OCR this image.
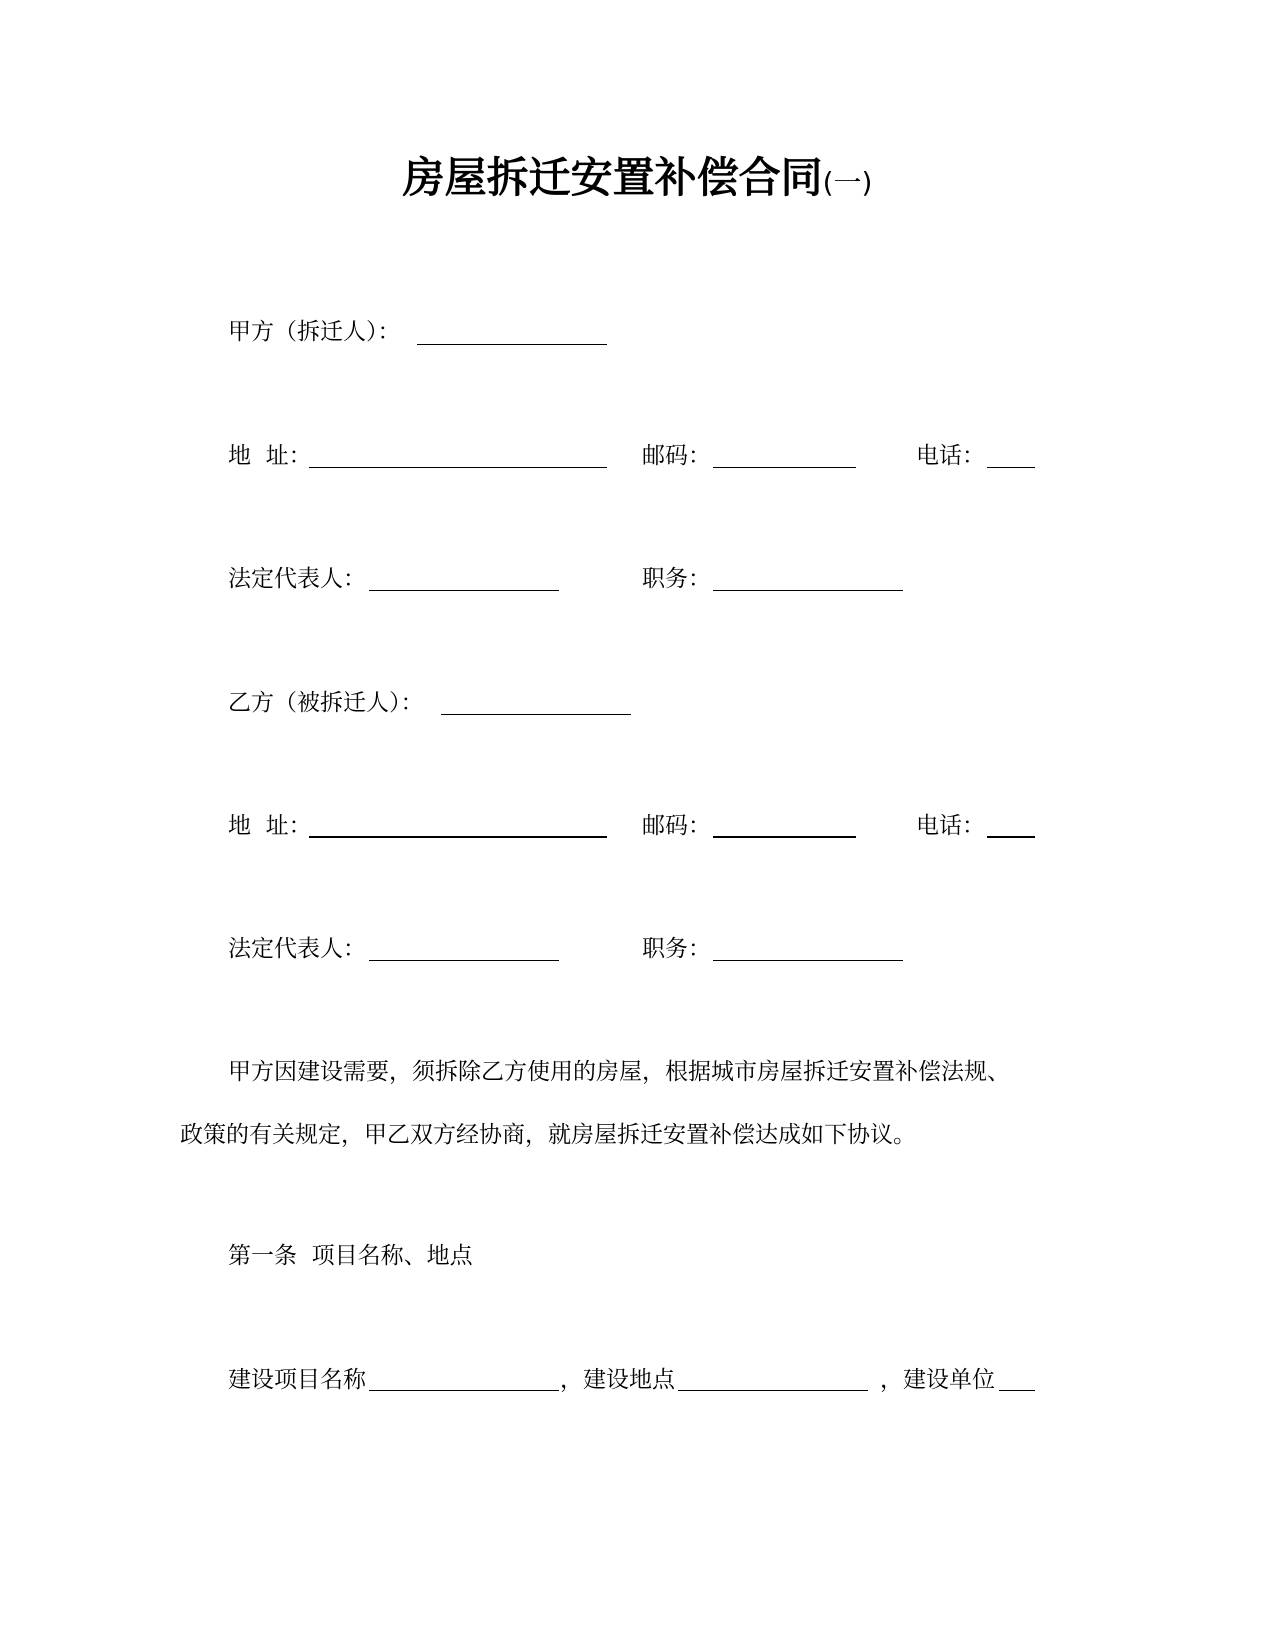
房屋拆迁安置补偿合同(一)
甲方（拆迁人）：
地  址：	邮码：	电话：
法定代表人：	职务：
乙方（被拆迁人）：
地  址：	邮码：	电话：
法定代表人：	职务：
甲方因建设需要，须拆除乙方使用的房屋，根据城市房屋拆迁安置补偿法规、
政策的有关规定，甲乙双方经协商，就房屋拆迁安置补偿达成如下协议。
第一条  项目名称、地点
建设项目名称	，建设地点	，建设单位
